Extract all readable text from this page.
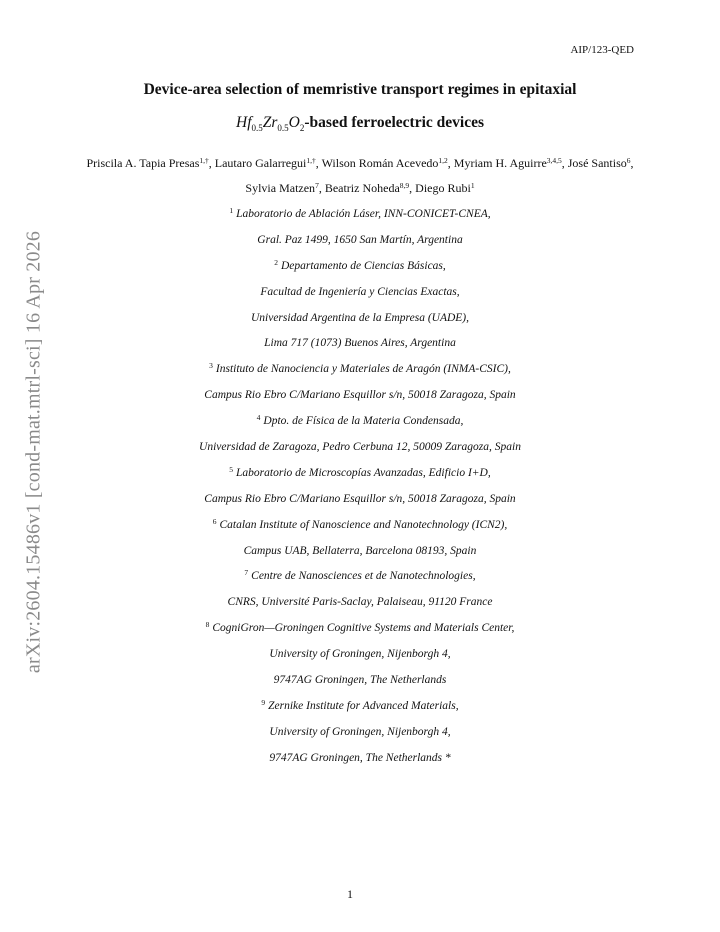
AIP/123-QED
arXiv:2604.15486v1 [cond-mat.mtrl-sci] 16 Apr 2026
Device-area selection of memristive transport regimes in epitaxial
$Hf_{0.5}Zr_{0.5}O_2$-based ferroelectric devices
Priscila A. Tapia Presas$^{1,\dagger}$, Lautaro Galarregui$^{1,\dagger}$, Wilson Román Acevedo$^{1,2}$, Myriam H. Aguirre$^{3,4,5}$, José Santiso$^6$, Sylvia Matzen$^7$, Beatriz Noheda$^{8,9}$, Diego Rubi$^1$
$^1$ Laboratorio de Ablación Láser, INN-CONICET-CNEA,
Gral. Paz 1499, 1650 San Martín, Argentina
$^2$ Departamento de Ciencias Básicas,
Facultad de Ingeniería y Ciencias Exactas,
Universidad Argentina de la Empresa (UADE),
Lima 717 (1073) Buenos Aires, Argentina
$^3$ Instituto de Nanociencia y Materiales de Aragón (INMA-CSIC),
Campus Rio Ebro C/Mariano Esquillor s/n, 50018 Zaragoza, Spain
$^4$ Dpto. de Física de la Materia Condensada,
Universidad de Zaragoza, Pedro Cerbuna 12, 50009 Zaragoza, Spain
$^5$ Laboratorio de Microscopías Avanzadas, Edificio I+D,
Campus Rio Ebro C/Mariano Esquillor s/n, 50018 Zaragoza, Spain
$^6$ Catalan Institute of Nanoscience and Nanotechnology (ICN2),
Campus UAB, Bellaterra, Barcelona 08193, Spain
$^7$ Centre de Nanosciences et de Nanotechnologies,
CNRS, Université Paris-Saclay, Palaiseau, 91120 France
$^8$ CogniGron—Groningen Cognitive Systems and Materials Center,
University of Groningen, Nijenborgh 4,
9747AG Groningen, The Netherlands
$^9$ Zernike Institute for Advanced Materials,
University of Groningen, Nijenborgh 4,
9747AG Groningen, The Netherlands *
1
